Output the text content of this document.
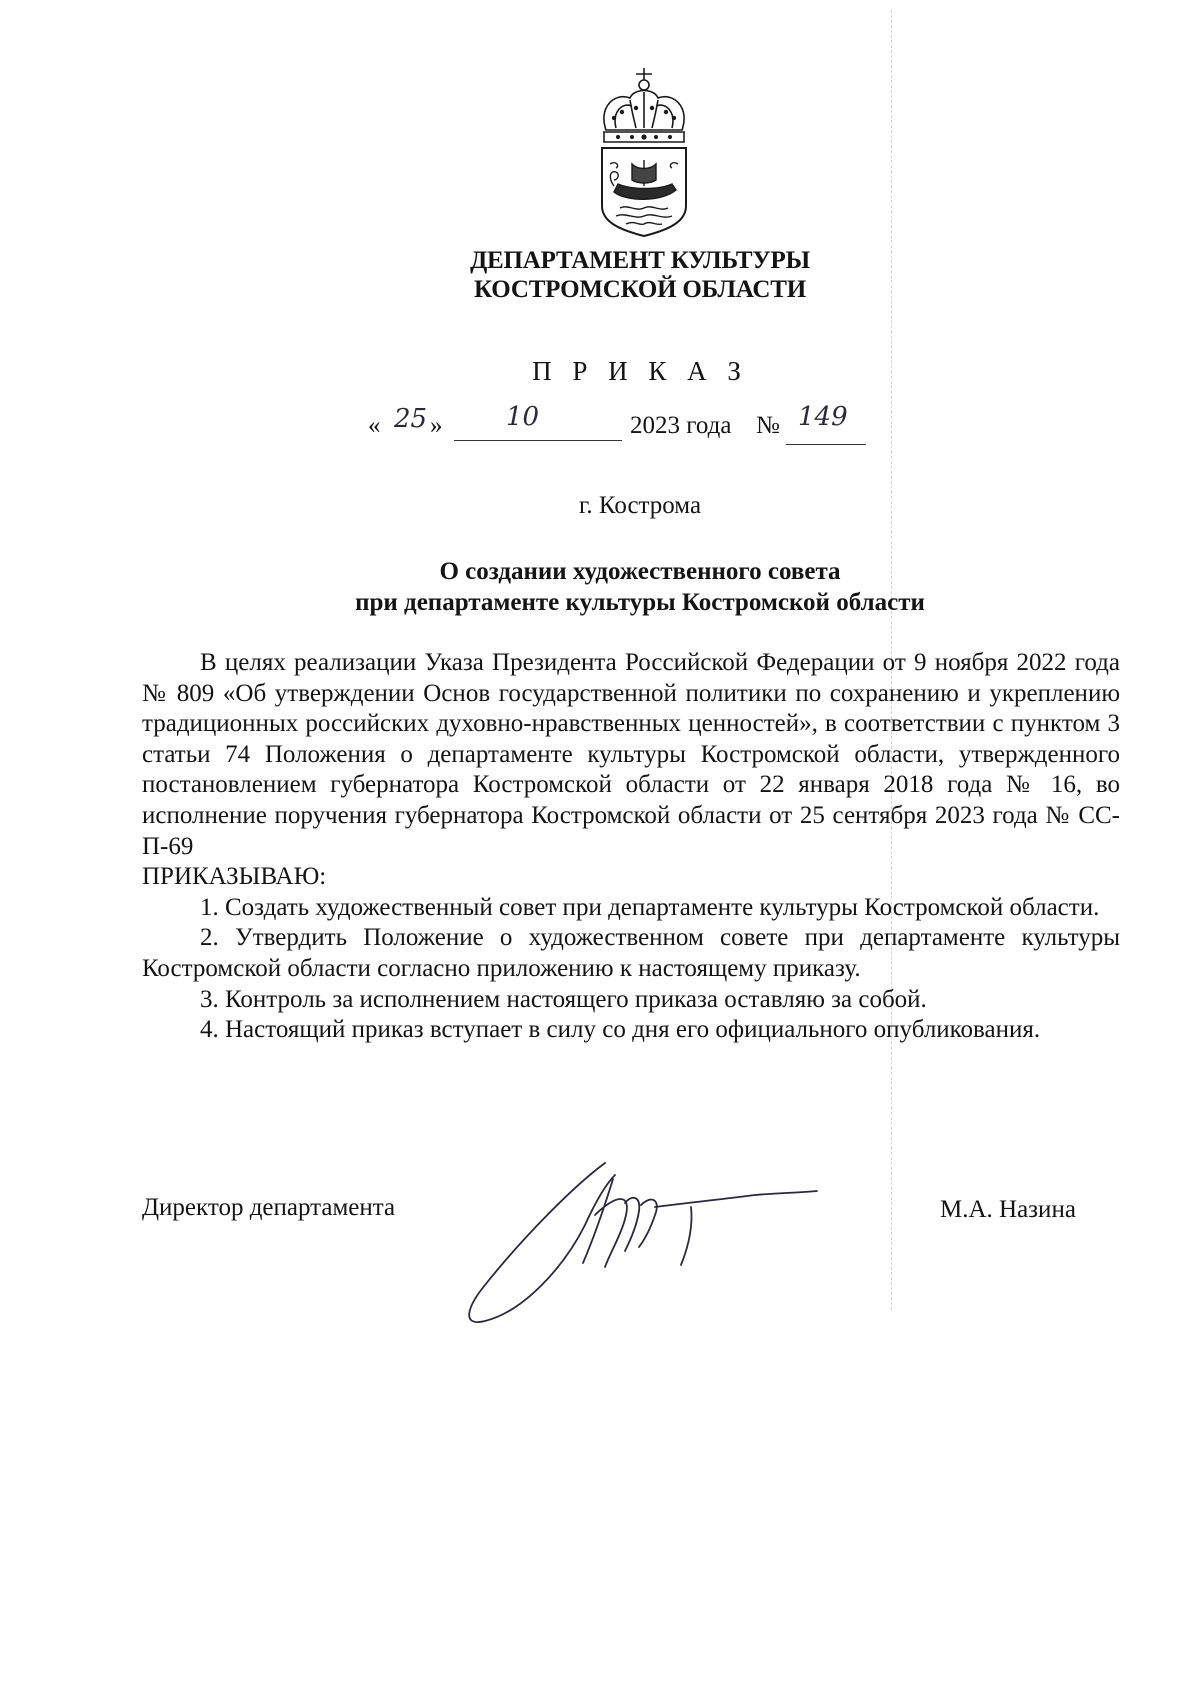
ДЕПАРТАМЕНТ КУЛЬТУРЫ
КОСТРОМСКОЙ ОБЛАСТИ
П Р И К А З
« 25 » 10	2023 года № 149
г. Кострома
О создании художественного совета
при департаменте культуры Костромской области

В целях реализации Указа Президента Российской Федерации от 9 ноября 2022 года № 809 «Об утверждении Основ государственной политики по сохранению и укреплению традиционных российских духовно-нравственных ценностей», в соответствии с пунктом 3 статьи 74 Положения о департаменте культуры Костромской области, утвержденного постановлением губернатора Костромской области от 22 января 2018 года № 16, во исполнение поручения губернатора Костромской области от 25 сентября 2023 года № СС-П-69

ПРИКАЗЫВАЮ:

1. Создать художественный совет при департаменте культуры Костромской области.

2. Утвердить Положение о художественном совете при департаменте культуры Костромской области согласно приложению к настоящему приказу.

3. Контроль за исполнением настоящего приказа оставляю за собой.

4. Настоящий приказ вступает в силу со дня его официального опубликования.

Директор департамента	М.А. Назина
